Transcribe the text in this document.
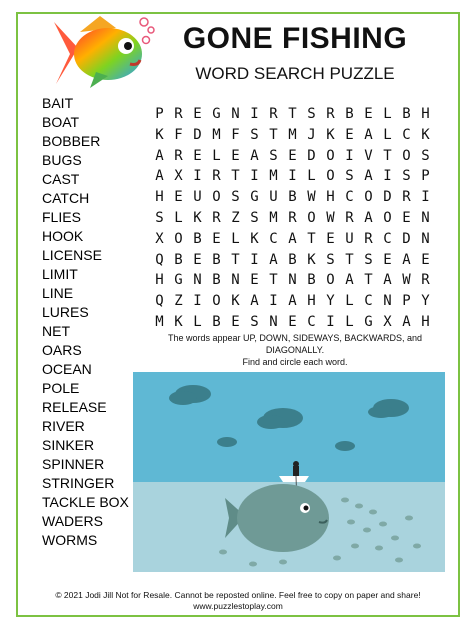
GONE FISHING
WORD SEARCH PUZZLE
BAIT
BOAT
BOBBER
BUGS
CAST
CATCH
FLIES
HOOK
LICENSE
LIMIT
LINE
LURES
NET
OARS
OCEAN
POLE
RELEASE
RIVER
SINKER
SPINNER
STRINGER
TACKLE BOX
WADERS
WORMS
P R E G N I R T S R B E L B H
K F D M F S T M J K E A L C K
A R E L E A S E D O I V T O S
A X I R T I M I L O S A I S P
H E U O S G U B W H C O D R I
S L K R Z S M R O W R A O E N
X O B E L K C A T E U R C D N
Q B E B T I A B K S T S E A E
H G N B N E T N B O A T A W R
Q Z I O K A I A H Y L C N P Y
M K L B E S N E C I L G X A H
The words appear UP, DOWN, SIDEWAYS, BACKWARDS, and DIAGONALLY.
Find and circle each word.
© 2021 Jodi Jill Not for Resale. Cannot be reposted online. Feel free to copy on paper and share!
www.puzzlestoplay.com
